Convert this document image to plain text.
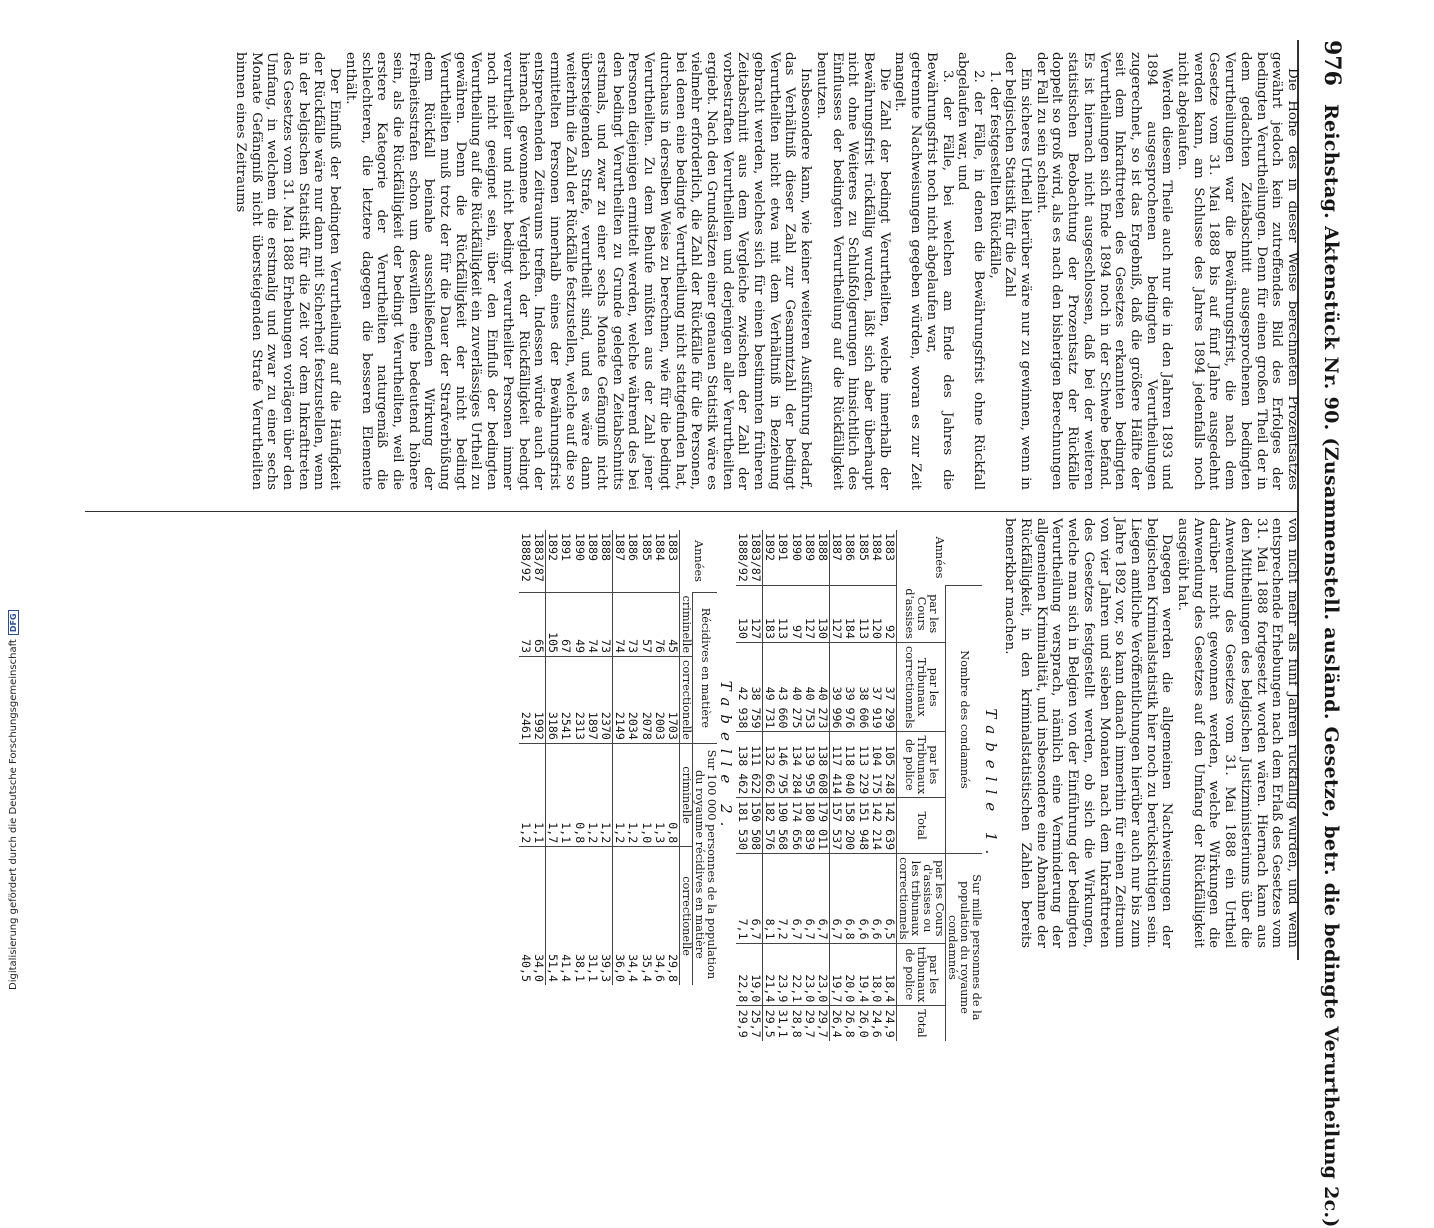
976
Reichstag. Aktenstück Nr. 90. (Zusammenstell. ausländ. Gesetze, betr. die bedingte Verurtheilung 2c.)

Die Höhe des in dieser Weise berechneten Prozentsatzes gewährt jedoch kein zutreffendes Bild des Erfolges der bedingten Verurtheilungen. Denn für einen großen Theil der in dem gedachten Zeitabschnitt ausgesprochenen bedingten Verurtheilungen war die Bewährungsfrist, die nach dem Gesetze vom 31. Mai 1888 bis auf fünf Jahre ausgedehnt werden kann, am Schlusse des Jahres 1894 jedenfalls noch nicht abgelaufen.

Werden diesem Theile auch nur die in den Jahren 1893 und 1894 ausgesprochenen bedingten Verurtheilungen zugerechnet, so ist das Ergebniß, daß die größere Hälfte der seit dem Inkrafttreten des Gesetzes erkannten bedingten Verurtheilungen sich Ende 1894 noch in der Schwebe befand. Es ist hiernach nicht ausgeschlossen, daß bei der weiteren statistischen Beobachtung der Prozentsatz der Rückfälle doppelt so groß wird, als es nach den bisherigen Berechnungen der Fall zu sein scheint.

Ein sicheres Urtheil hierüber wäre nur zu gewinnen, wenn in der belgischen Statistik für die Zahl

1. der festgestellten Rückfälle,

2. der Fälle, in denen die Bewährungsfrist ohne Rückfall abgelaufen war, und

3. der Fälle, bei welchen am Ende des Jahres die Bewährungsfrist noch nicht abgelaufen war,

getrennte Nachweisungen gegeben würden, woran es zur Zeit mangelt.

Die Zahl der bedingt Verurtheilten, welche innerhalb der Bewährungsfrist rückfällig wurden, läßt sich aber überhaupt nicht ohne Weiteres zu Schlußfolgerungen hinsichtlich des Einflusses der bedingten Verurtheilung auf die Rückfälligkeit benutzen.

Insbesondere kann, wie keiner weiteren Ausführung bedarf, das Verhältniß dieser Zahl zur Gesammtzahl der bedingt Verurtheilten nicht etwa mit dem Verhältniß in Beziehung gebracht werden, welches sich für einen bestimmten früheren Zeitabschnitt aus dem Vergleiche zwischen der Zahl der vorbestraften Verurtheilten und derjenigen aller Verurtheilten ergiebt. Nach den Grundsätzen einer genauen Statistik wäre es vielmehr erforderlich, die Zahl der Rückfälle für die Personen, bei denen eine bedingte Verurtheilung nicht stattgefunden hat, durchaus in derselben Weise zu berechnen, wie für die bedingt Verurtheilten. Zu dem Behufe müßten aus der Zahl jener Personen diejenigen ermittelt werden, welche während des bei den bedingt Verurtheilten zu Grunde gelegten Zeitabschnitts erstmals, und zwar zu einer sechs Monate Gefängniß nicht übersteigenden Strafe, verurtheilt sind, und es wäre dann weiterhin die Zahl der Rückfälle festzustellen, welche auf die so ermittelten Personen innerhalb eines der Bewährungsfrist entsprechenden Zeitraums treffen. Indessen würde auch der hiernach gewonnene Vergleich der Rückfälligkeit bedingt verurtheilter und nicht bedingt verurtheilter Personen immer noch nicht geeignet sein, über den Einfluß der bedingten Verurtheilung auf die Rückfälligkeit ein zuverlässiges Urtheil zu gewähren. Denn die Rückfälligkeit der nicht bedingt Verurtheilten muß trotz der für die Dauer der Strafverbüßung dem Rückfall beinahe ausschließenden Wirkung der Freiheitsstrafen schon um deswillen eine bedeutend höhere sein, als die Rückfälligkeit der bedingt Verurtheilten, weil die erstere Kategorie der Verurtheilten naturgemäß die schlechteren, die letztere dagegen die besseren Elemente enthält.

Der Einfluß der bedingten Verurtheilung auf die Häufigkeit der Rückfälle wäre nur dann mit Sicherheit festzustellen, wenn in der belgischen Statistik für die Zeit vor dem Inkrafttreten des Gesetzes vom 31. Mai 1888 Erhebungen vorlägen über den Umfang, in welchem die erstmalig und zwar zu einer sechs Monate Gefängniß nicht übersteigenden Strafe Verurtheilten binnen eines Zeitraums

von nicht mehr als fünf Jahren rückfällig wurden, und wenn entsprechende Erhebungen nach dem Erlaß des Gesetzes vom 31. Mai 1888 fortgesetzt worden wären. Hiernach kann aus den Mittheilungen des belgischen Justizministeriums über die Anwendung des Gesetzes vom 31. Mai 1888 ein Urtheil darüber nicht gewonnen werden, welche Wirkungen die Anwendung des Gesetzes auf den Umfang der Rückfälligkeit ausgeübt hat.

Dagegen werden die allgemeinen Nachweisungen der belgischen Kriminalstatistik hier noch zu berücksichtigen sein. Liegen amtliche Veröffentlichungen hierüber auch nur bis zum Jahre 1892 vor, so kann danach immerhin für einen Zeitraum von vier Jahren und sieben Monaten nach dem Inkrafttreten des Gesetzes festgestellt werden, ob sich die Wirkungen, welche man sich in Belgien von der Einführung der bedingten Verurtheilung versprach, nämlich eine Verminderung der allgemeinen Kriminalität, und insbesondere eine Abnahme der Rückfälligkeit, in den kriminalstatistischen Zahlen bereits bemerkbar machen.

Tabelle 1.
Années	Nombre des condamnés				Sur mille personnes de la population du royaume condamnés		
	par les Cours d'assises	par les Tribunaux correctionnels	par les Tribunaux de police	Total	par les Cours d'assises ou les tribunaux correctionnels	par les tribunaux de police	Total
1883	92	37 299	105 248	142 639	6,5	18,4	24,9
1884	120	37 919	104 175	142 214	6,6	18,0	24,6
1885	113	38 606	113 229	151 948	6,6	19,4	26,0
1886	184	39 976	118 040	158 200	6,8	20,0	26,8
1887	127	39 996	117 414	157 537	6,7	19,7	26,4
1888	130	40 273	138 608	179 011	6,7	23,0	29,7
1889	127	40 753	139 959	180 839	6,7	23,0	29,7
1890	97	40 275	134 284	174 656	6,7	22,1	28,8
1891	113	43 660	146 795	190 568	7,2	23,9	31,1
1892	183	49 731	132 662	182 576	8,1	21,4	29,5
1883/87	127	38 759	111 622	150 508	6,7	19,0	25,7
1888/92	130	42 938	138 462	181 530	7,1	22,8	29,9
Tabelle 2.
Années	Récidives en matière		Sur 100 000 personnes de la population du royaume récidives en matière	
	criminelle	correctionelle	criminelle	correctionelle
1883	45	1703	0,8	29,8
1884	76	2003	1,3	34,6
1885	57	2078	1,0	35,4
1886	73	2034	1,2	34,4
1887	74	2149	1,2	36,0
1888	73	2370	1,2	39,3
1889	74	1897	1,2	31,1
1890	49	2313	0,8	38,1
1891	67	2541	1,1	41,4
1892	105	3186	1,7	51,4
1883/87	65	1992	1,1	34,0
1888/92	73	2461	1,2	40,5
Digitalisierung gefördert durch die Deutsche ForschungsgemeinschaftDFG
